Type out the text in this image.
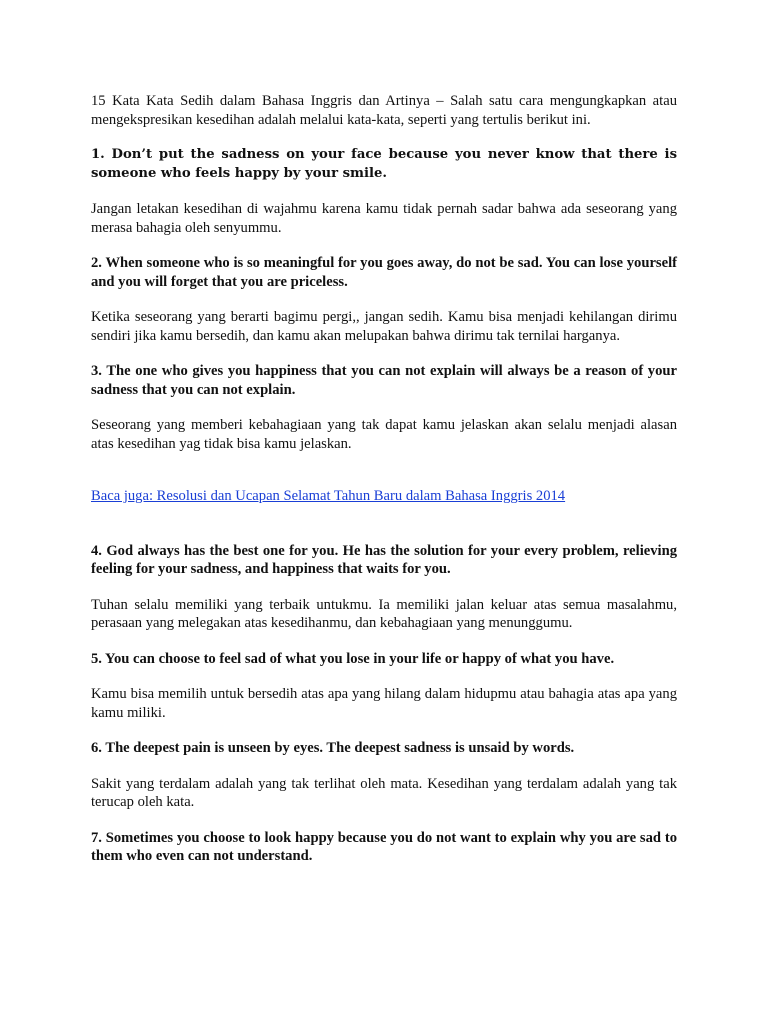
15 Kata Kata Sedih dalam Bahasa Inggris dan Artinya – Salah satu cara mengungkapkan atau mengekspresikan kesedihan adalah melalui kata-kata, seperti yang tertulis berikut ini.

1. Don’t put the sadness on your face because you never know that there is someone who feels happy by your smile.

Jangan letakan kesedihan di wajahmu karena kamu tidak pernah sadar bahwa ada seseorang yang merasa bahagia oleh senyummu.

2. When someone who is so meaningful for you goes away, do not be sad. You can lose yourself and you will forget that you are priceless.

Ketika seseorang yang berarti bagimu pergi,, jangan sedih. Kamu bisa menjadi kehilangan dirimu sendiri jika kamu bersedih, dan kamu akan melupakan bahwa dirimu tak ternilai harganya.

3. The one who gives you happiness that you can not explain will always be a reason of your sadness that you can not explain.

Seseorang yang memberi kebahagiaan yang tak dapat kamu jelaskan akan selalu menjadi alasan atas kesedihan yag tidak bisa kamu jelaskan.

Baca juga: Resolusi dan Ucapan Selamat Tahun Baru dalam Bahasa Inggris 2014

4. God always has the best one for you. He has the solution for your every problem, relieving feeling for your sadness, and happiness that waits for you.

Tuhan selalu memiliki yang terbaik untukmu. Ia memiliki jalan keluar atas semua masalahmu, perasaan yang melegakan atas kesedihanmu, dan kebahagiaan yang menunggumu.

5. You can choose to feel sad of what you lose in your life or happy of what you have.

Kamu bisa memilih untuk bersedih atas apa yang hilang dalam hidupmu atau bahagia atas apa yang kamu miliki.

6. The deepest pain is unseen by eyes. The deepest sadness is unsaid by words.

Sakit yang terdalam adalah yang tak terlihat oleh mata. Kesedihan yang terdalam adalah yang tak terucap oleh kata.

7. Sometimes you choose to look happy because you do not want to explain why you are sad to them who even can not understand.
